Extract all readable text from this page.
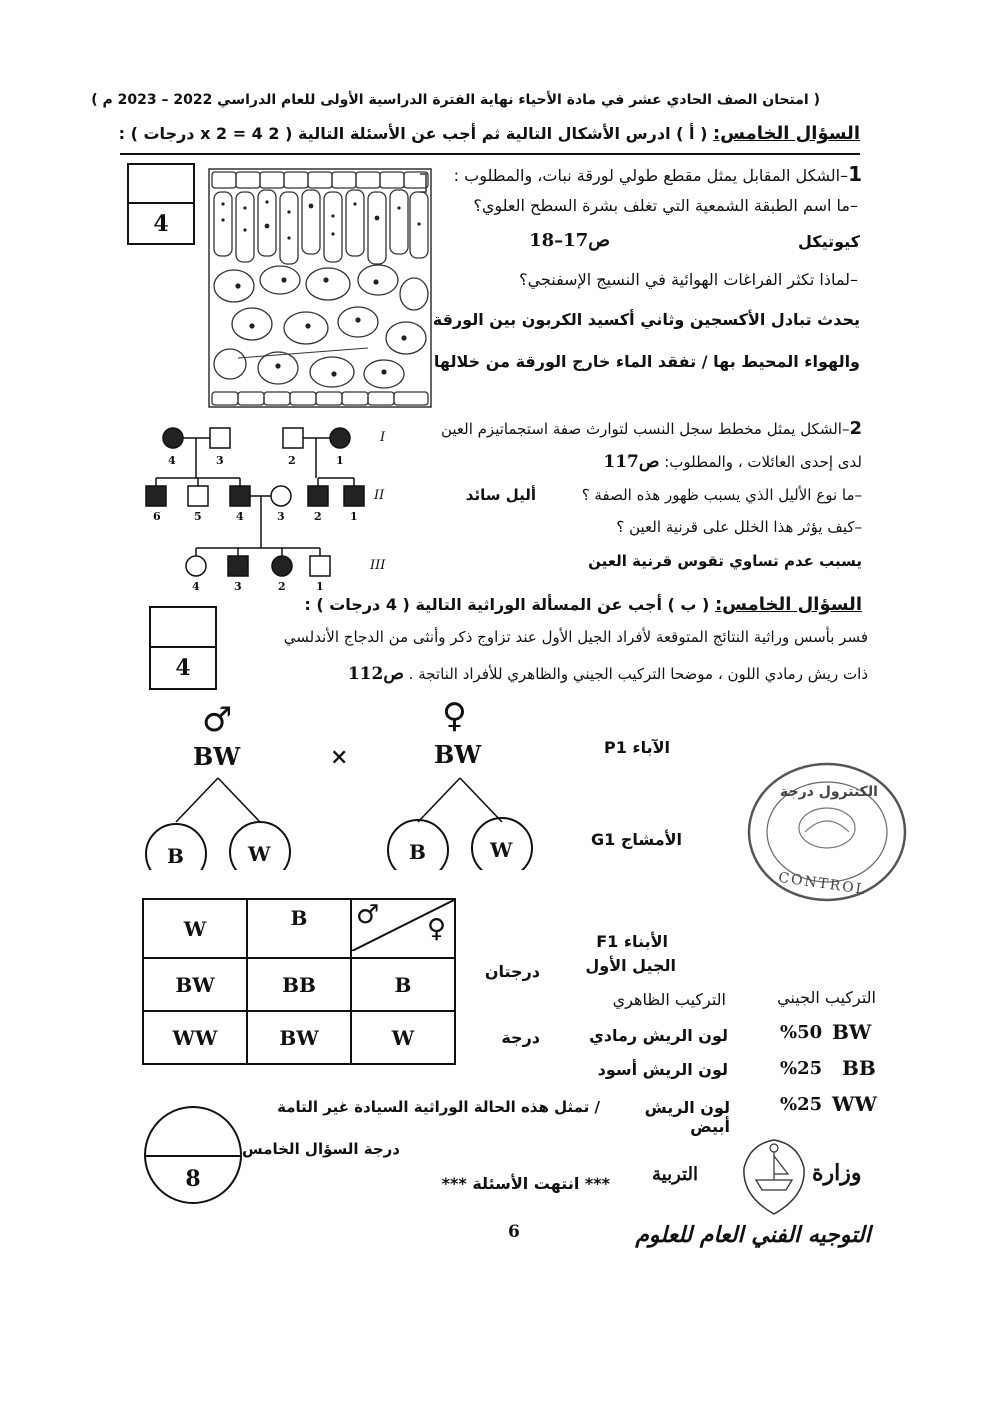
( امتحان الصف الحادي عشر في مادة الأحياء نهاية الفترة الدراسية الأولى للعام الدراسي 2022 – 2023 م )
السؤال الخامس: ( أ ) ادرس الأشكال التالية ثم أجب عن الأسئلة التالية ( 2 x 2 = 4 درجات ) :
4
1–الشكل المقابل يمثل مقطع طولي لورقة نبات، والمطلوب :
–ما اسم الطبقة الشمعية التي تغلف بشرة السطح العلوي؟
كيوتيكل
ص17–18
–لماذا تكثر الفراغات الهوائية في النسيج الإسفنجي؟
يحدث تبادل الأكسجين وثاني أكسيد الكربون بين الورقة
والهواء المحيط بها / تفقد الماء خارج الورقة من خلالها
I
II
III
4	3	2	1
6	5	4	3	2	1
4	3	2	1
2–الشكل يمثل مخطط سجل النسب لتوارث صفة استجماتيزم العين
لدى إحدى العائلات ، والمطلوب: ص117
–ما نوع الأليل الذي يسبب ظهور هذه الصفة ؟
أليل سائد
–كيف يؤثر هذا الخلل على قرنية العين ؟
يسبب عدم تساوي تقوس قرنية العين
السؤال الخامس: ( ب ) أجب عن المسألة الوراثية التالية ( 4 درجات ) :
4
فسر بأسس وراثية النتائج المتوقعة لأفراد الجيل الأول عند تزاوج ذكر وأنثى من الدجاج الأندلسي
ذات ريش رمادي اللون ، موضحا التركيب الجيني والظاهري للأفراد الناتجة . ص112
♂	♀
BW	×	BW	الآباء P1
B	W	B	W	الأمشاج G1
الكنترول درجة
CONTROL
W	B	♂ ♀

BW	BB	B
WW	BW	W
الأبناء F1
الجيل الأول
درجتان
درجة
التركيب الجيني
التركيب الظاهري
%50 BW
لون الريش رمادي
%25 BB
لون الريش أسود
%25 WW
لون الريش أبيض
/ تمثل هذه الحالة الوراثية السيادة غير التامة
8
درجة السؤال الخامس
*** انتهت الأسئلة ***
6
وزارة
التربية
التوجيه الفني العام للعلوم
